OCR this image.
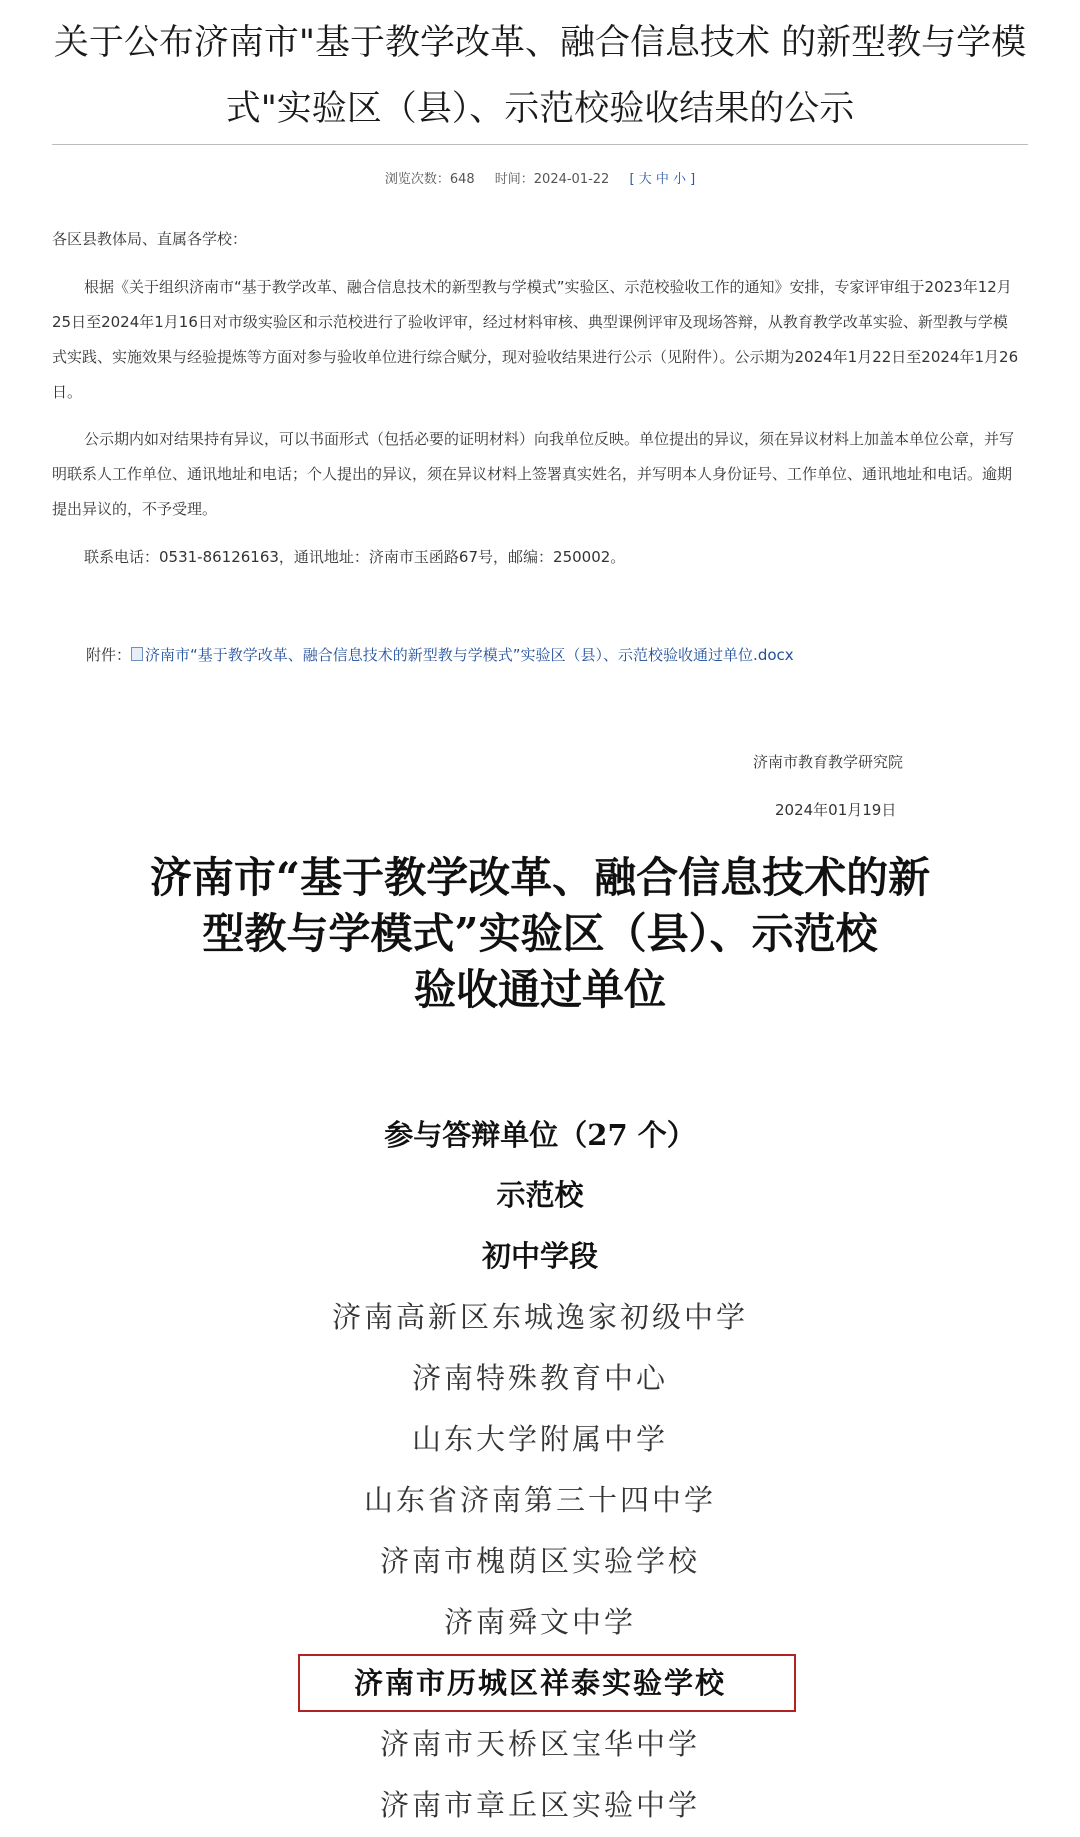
关于公布济南市"基于教学改革、融合信息技术 的新型教与学模
式"实验区（县）、示范校验收结果的公示
浏览次数：648 时间：2024-01-22 [ 大 中 小 ]

各区县教体局、直属各学校：

根据《关于组织济南市“基于教学改革、融合信息技术的新型教与学模式”实验区、示范校验收工作的通知》安排，专家评审组于2023年12月25日至2024年1月16日对市级实验区和示范校进行了验收评审，经过材料审核、典型课例评审及现场答辩，从教育教学改革实验、新型教与学模式实践、实施效果与经验提炼等方面对参与验收单位进行综合赋分，现对验收结果进行公示（见附件）。公示期为2024年1月22日至2024年1月26日。

公示期内如对结果持有异议，可以书面形式（包括必要的证明材料）向我单位反映。单位提出的异议，须在异议材料上加盖本单位公章，并写明联系人工作单位、通讯地址和电话；个人提出的异议，须在异议材料上签署真实姓名，并写明本人身份证号、工作单位、通讯地址和电话。逾期提出异议的，不予受理。

联系电话：0531-86126163，通讯地址：济南市玉函路67号，邮编：250002。

附件： 济南市“基于教学改革、融合信息技术的新型教与学模式”实验区（县）、示范校验收通过单位.docx
济南市教育教学研究院
2024年01月19日
济南市“基于教学改革、融合信息技术的新
型教与学模式”实验区（县）、示范校
验收通过单位
参与答辩单位（27 个）
示范校
初中学段
济南高新区东城逸家初级中学
济南特殊教育中心
山东大学附属中学
山东省济南第三十四中学
济南市槐荫区实验学校
济南舜文中学
济南市历城区祥泰实验学校
济南市天桥区宝华中学
济南市章丘区实验中学
